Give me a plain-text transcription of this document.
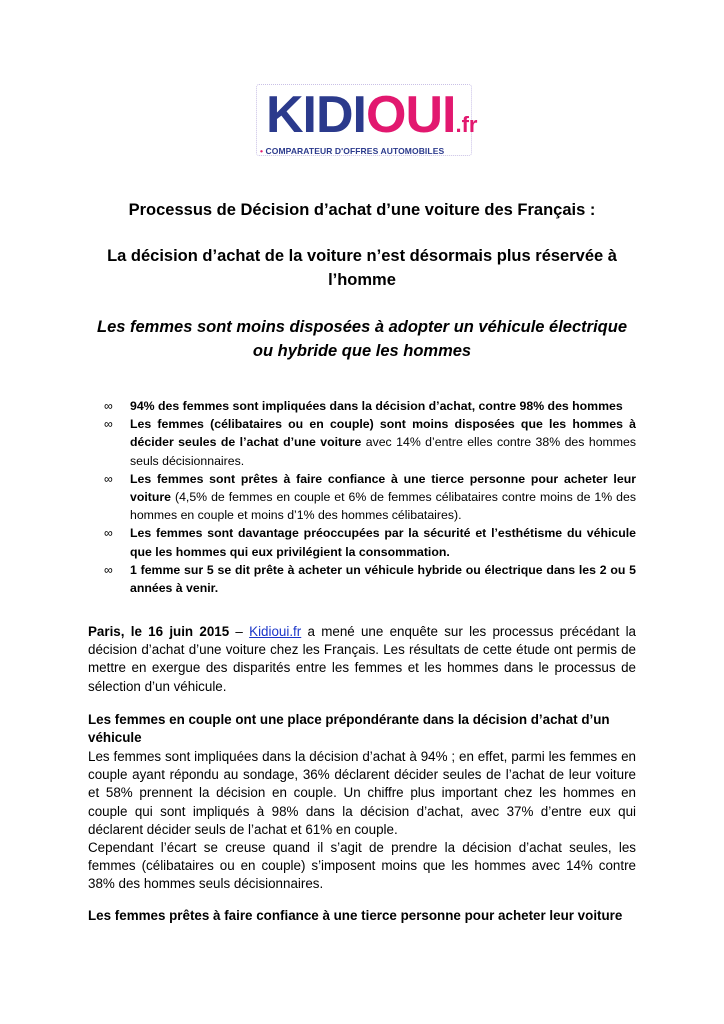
KIDIOUI.fr
• COMPARATEUR D'OFFRES AUTOMOBILES
Processus de Décision d’achat d’une voiture des Français :
La décision d’achat de la voiture n’est désormais plus réservée à
l’homme
Les femmes sont moins disposées à adopter un véhicule électrique
ou hybride que les hommes
∞ 94% des femmes sont impliquées dans la décision d’achat, contre 98% des hommes
∞ Les femmes (célibataires ou en couple) sont moins disposées que les hommes à décider seules de l’achat d’une voiture avec 14% d’entre elles contre 38% des hommes seuls décisionnaires.
∞ Les femmes sont prêtes à faire confiance à une tierce personne pour acheter leur voiture (4,5% de femmes en couple et 6% de femmes célibataires contre moins de 1% des hommes en couple et moins d’1% des hommes célibataires).
∞ Les femmes sont davantage préoccupées par la sécurité et l’esthétisme du véhicule que les hommes qui eux privilégient la consommation.
∞ 1 femme sur 5 se dit prête à acheter un véhicule hybride ou électrique dans les 2 ou 5 années à venir.

Paris, le 16 juin 2015 – Kidioui.fr a mené une enquête sur les processus précédant la décision d’achat d’une voiture chez les Français. Les résultats de cette étude ont permis de mettre en exergue des disparités entre les femmes et les hommes dans le processus de sélection d’un véhicule.

Les femmes en couple ont une place prépondérante dans la décision d’achat d’un véhicule

Les femmes sont impliquées dans la décision d’achat à 94% ; en effet, parmi les femmes en couple ayant répondu au sondage, 36% déclarent décider seules de l’achat de leur voiture et 58% prennent la décision en couple. Un chiffre plus important chez les hommes en couple qui sont impliqués à 98% dans la décision d’achat, avec 37% d’entre eux qui déclarent décider seuls de l’achat et 61% en couple.

Cependant l’écart se creuse quand il s’agit de prendre la décision d’achat seules, les femmes (célibataires ou en couple) s’imposent moins que les hommes avec 14% contre 38% des hommes seuls décisionnaires.

Les femmes prêtes à faire confiance à une tierce personne pour acheter leur voiture
